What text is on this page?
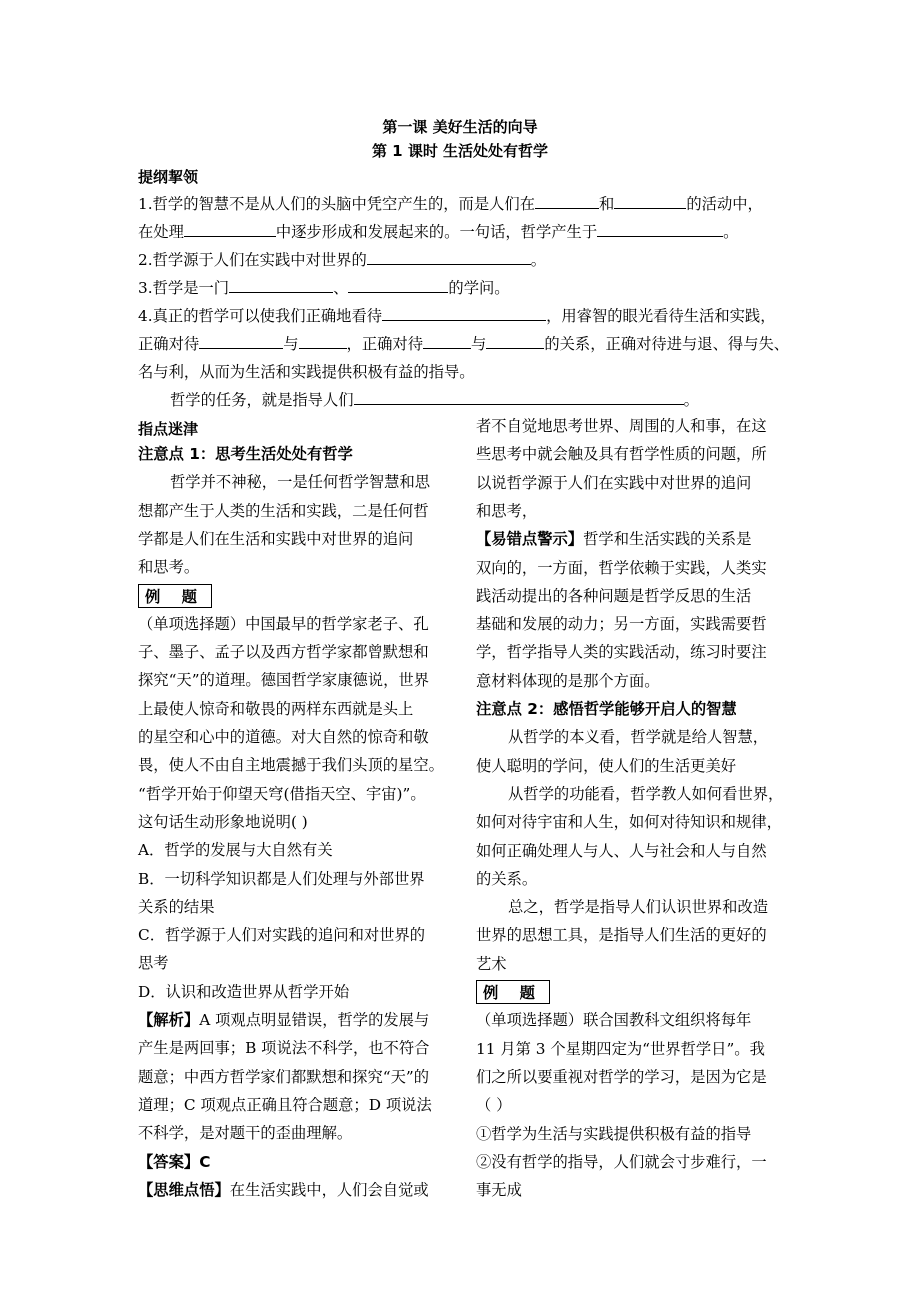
第一课 美好生活的向导
第 1 课时 生活处处有哲学
提纲挈领
1.哲学的智慧不是从人们的头脑中凭空产生的，而是人们在	和	的活动中，
在处理	中逐步形成和发展起来的。一句话，哲学产生于	。
2.哲学源于人们在实践中对世界的	。
3.哲学是一门	、	的学问。
4.真正的哲学可以使我们正确地看待	，用睿智的眼光看待生活和实践，
正确对待	与	，正确对待	与	的关系，正确对待进与退、得与失、
名与利，从而为生活和实践提供积极有益的指导。
哲学的任务，就是指导人们	。
指点迷津
注意点 1：思考生活处处有哲学
哲学并不神秘，一是任何哲学智慧和思
想都产生于人类的生活和实践，二是任何哲
学都是人们在生活和实践中对世界的追问
和思考。
例 题
（单项选择题）中国最早的哲学家老子、孔
子、墨子、孟子以及西方哲学家都曾默想和
探究“天”的道理。德国哲学家康德说，世界
上最使人惊奇和敬畏的两样东西就是头上
的星空和心中的道德。对大自然的惊奇和敬
畏，使人不由自主地震撼于我们头顶的星空。
“哲学开始于仰望天穹(借指天空、宇宙)”。
这句话生动形象地说明( )
A．哲学的发展与大自然有关
B．一切科学知识都是人们处理与外部世界
关系的结果
C．哲学源于人们对实践的追问和对世界的
思考
D．认识和改造世界从哲学开始
【解析】A 项观点明显错误，哲学的发展与
产生是两回事；B 项说法不科学，也不符合
题意；中西方哲学家们都默想和探究“天”的
道理；C 项观点正确且符合题意；D 项说法
不科学，是对题干的歪曲理解。
【答案】C
【思维点悟】在生活实践中，人们会自觉或
者不自觉地思考世界、周围的人和事，在这
些思考中就会触及具有哲学性质的问题，所
以说哲学源于人们在实践中对世界的追问
和思考，
【易错点警示】哲学和生活实践的关系是
双向的，一方面，哲学依赖于实践，人类实
践活动提出的各种问题是哲学反思的生活
基础和发展的动力；另一方面，实践需要哲
学，哲学指导人类的实践活动，练习时要注
意材料体现的是那个方面。
注意点 2：感悟哲学能够开启人的智慧
从哲学的本义看，哲学就是给人智慧，
使人聪明的学问，使人们的生活更美好
从哲学的功能看，哲学教人如何看世界，
如何对待宇宙和人生，如何对待知识和规律，
如何正确处理人与人、人与社会和人与自然
的关系。
总之，哲学是指导人们认识世界和改造
世界的思想工具，是指导人们生活的更好的
艺术
例 题
（单项选择题）联合国教科文组织将每年
11 月第 3 个星期四定为“世界哲学日”。我
们之所以要重视对哲学的学习，是因为它是
（ ）
①哲学为生活与实践提供积极有益的指导
②没有哲学的指导，人们就会寸步难行，一
事无成
